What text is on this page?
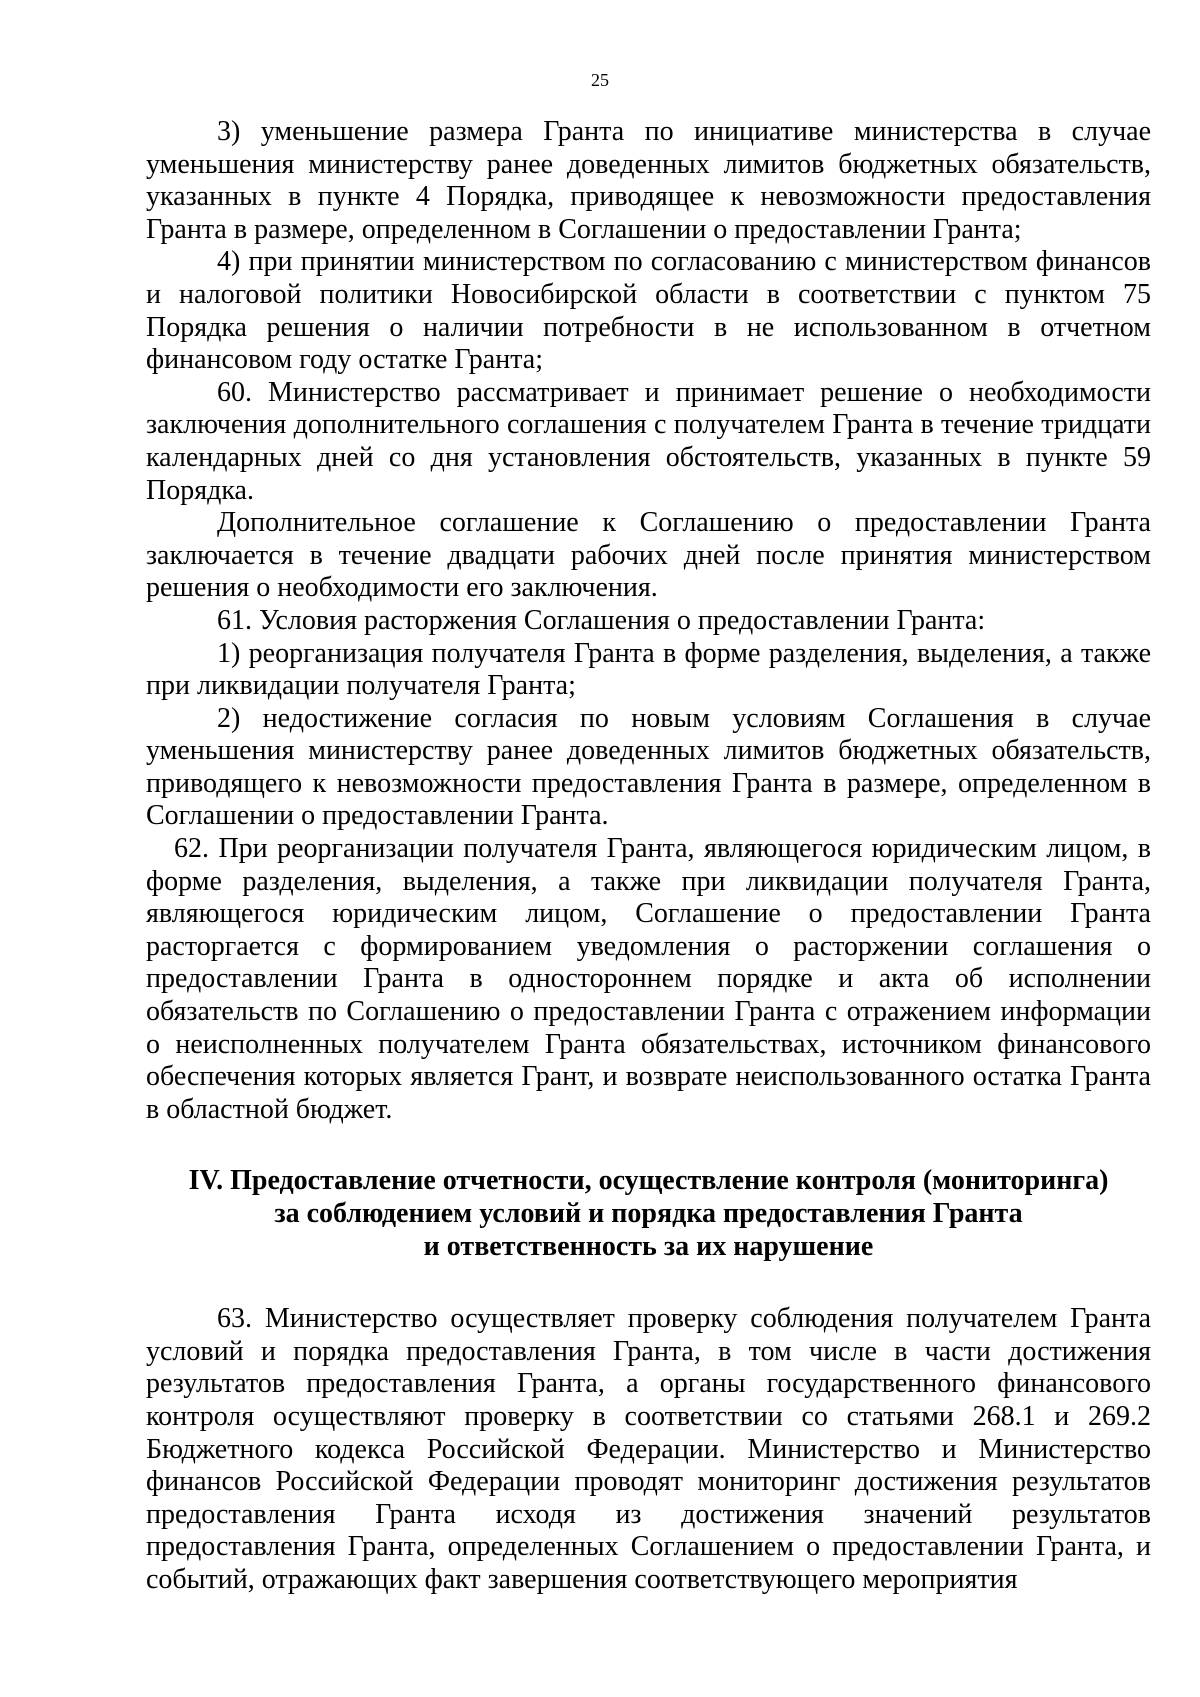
25

3) уменьшение размера Гранта по инициативе министерства в случае уменьшения министерству ранее доведенных лимитов бюджетных обязательств, указанных в пункте 4 Порядка, приводящее к невозможности предоставления Гранта в размере, определенном в Соглашении о предоставлении Гранта;

4) при принятии министерством по согласованию с министерством финансов и налоговой политики Новосибирской области в соответствии с пунктом 75 Порядка решения о наличии потребности в не использованном в отчетном финансовом году остатке Гранта;

60. Министерство рассматривает и принимает решение о необходимости заключения дополнительного соглашения с получателем Гранта в течение тридцати календарных дней со дня установления обстоятельств, указанных в пункте 59 Порядка.

Дополнительное соглашение к Соглашению о предоставлении Гранта заключается в течение двадцати рабочих дней после принятия министерством решения о необходимости его заключения.

61. Условия расторжения Соглашения о предоставлении Гранта:

1) реорганизация получателя Гранта в форме разделения, выделения, а также при ликвидации получателя Гранта;

2) недостижение согласия по новым условиям Соглашения в случае уменьшения министерству ранее доведенных лимитов бюджетных обязательств, приводящего к невозможности предоставления Гранта в размере, определенном в Соглашении о предоставлении Гранта.

62. При реорганизации получателя Гранта, являющегося юридическим лицом, в форме разделения, выделения, а также при ликвидации получателя Гранта, являющегося юридическим лицом, Соглашение о предоставлении Гранта расторгается с формированием уведомления о расторжении соглашения о предоставлении Гранта в одностороннем порядке и акта об исполнении обязательств по Соглашению о предоставлении Гранта с отражением информации о неисполненных получателем Гранта обязательствах, источником финансового обеспечения которых является Грант, и возврате неиспользованного остатка Гранта в областной бюджет.

IV. Предоставление отчетности, осуществление контроля (мониторинга)
за соблюдением условий и порядка предоставления Гранта
и ответственность за их нарушение

63. Министерство осуществляет проверку соблюдения получателем Гранта условий и порядка предоставления Гранта, в том числе в части достижения результатов предоставления Гранта, а органы государственного финансового контроля осуществляют проверку в соответствии со статьями 268.1 и 269.2 Бюджетного кодекса Российской Федерации. Министерство и Министерство финансов Российской Федерации проводят мониторинг достижения результатов предоставления Гранта исходя из достижения значений результатов предоставления Гранта, определенных Соглашением о предоставлении Гранта, и событий, отражающих факт завершения соответствующего мероприятия
